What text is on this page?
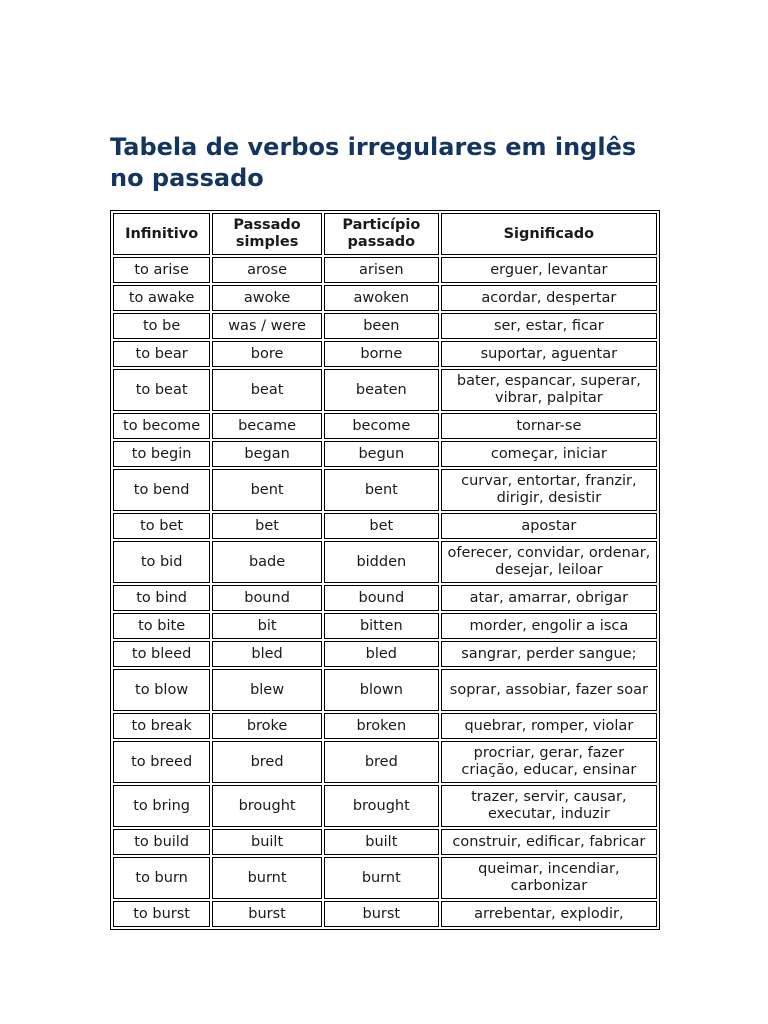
Tabela de verbos irregulares em inglês no passado
Infinitivo	Passado simples	Particípio passado	Significado
to arise	arose	arisen	erguer, levantar
to awake	awoke	awoken	acordar, despertar
to be	was / were	been	ser, estar, ficar
to bear	bore	borne	suportar, aguentar
to beat	beat	beaten	bater, espancar, superar, vibrar, palpitar
to become	became	become	tornar-se
to begin	began	begun	começar, iniciar
to bend	bent	bent	curvar, entortar, franzir, dirigir, desistir
to bet	bet	bet	apostar
to bid	bade	bidden	oferecer, convidar, ordenar, desejar, leiloar
to bind	bound	bound	atar, amarrar, obrigar
to bite	bit	bitten	morder, engolir a isca
to bleed	bled	bled	sangrar, perder sangue;
to blow	blew	blown	soprar, assobiar, fazer soar
to break	broke	broken	quebrar, romper, violar
to breed	bred	bred	procriar, gerar, fazer criação, educar, ensinar
to bring	brought	brought	trazer, servir, causar, executar, induzir
to build	built	built	construir, edificar, fabricar
to burn	burnt	burnt	queimar, incendiar, carbonizar
to burst	burst	burst	arrebentar, explodir,
